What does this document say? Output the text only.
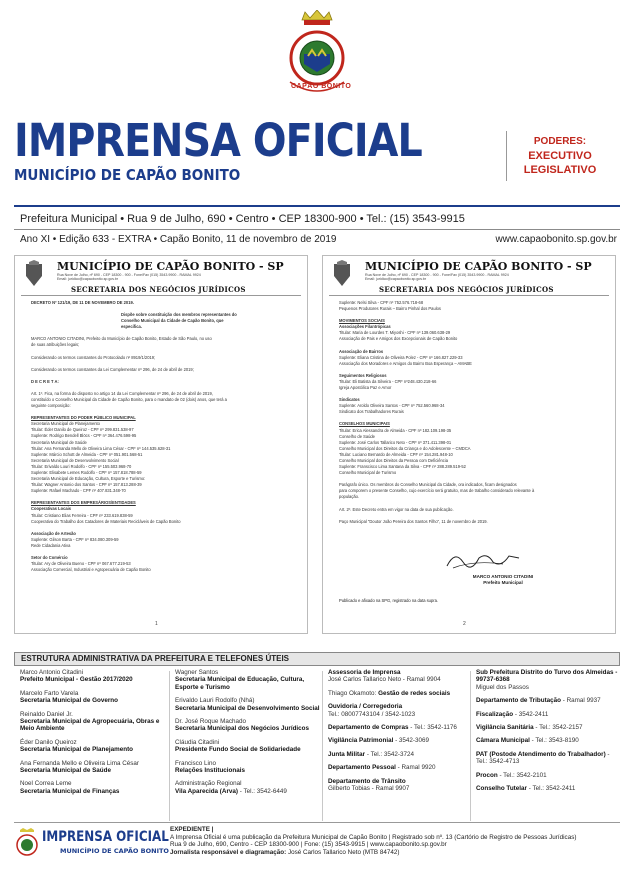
CAPÃO BONITO
IMPRENSA OFICIAL
MUNICÍPIO DE CAPÃO BONITO
PODERES:
EXECUTIVO
LEGISLATIVO
Prefeitura Municipal • Rua 9 de Julho, 690 • Centro • CEP 18300-900 • Tel.: (15) 3543-9915
Ano XI • Edição 633 - EXTRA • Capão Bonito, 11 de novembro de 2019	www.capaobonito.sp.gov.br
MUNICÍPIO DE CAPÃO BONITO - SP
Rua Nove de Julho, nº 690 - CEP 18300 - 900 - Fone/Fax (015) 3543.9900 - RAMAL 9924
Email: juridico@capaobonito.sp.gov.br
SECRETARIA DOS NEGÓCIOS JURÍDICOS
DECRETO Nº 121/19, DE 11 DE NOVEMBRO DE 2019.
Dispõe sobre constituição dos membros representantes do
Conselho Municipal da Cidade de Capão Bonito, que
especifica.
MARCO ANTONIO CITADINI, Prefeito do Município de Capão Bonito, Estado de São Paulo, no uso
de suas atribuições legais;
Considerando os termos constantes do Protocolado nº 8919/1/2019;
Considerando os termos constantes da Lei Complementar nº 296, de 24 de abril de 2019;
D E C R E T A:
Art. 1º. Fica, na forma do disposto no artigo 14 da Lei Complementar nº 296, de 24 de abril de 2019,
constituído o Conselho Municipal da Cidade de Capão Bonito, para o mandato de 02 (dois) anos, que terá a
seguinte composição:
REPRESENTANTES DO PODER PÚBLICO MUNICIPAL
Secretaria Municipal de Planejamento
Titular: Éder Danilo de Queiroz - CPF nº 299.831.538-97
Suplente: Rodrigo Bendell Blöcs - CPF nº 364.476.598-95
Secretaria Municipal de Saúde
Titular: Ana Fernanda Mello de Oliveira Lima César - CPF nº 144.535.628-31
Suplente: Márcio Schott de Almeida - CPF nº 051.901.568-51
Secretaria Municipal de Desenvolvimento Social
Titular: Erivaldo Louri Rodolfo - CPF nº 155.503.968-70
Suplente: Elisabete Lemes Rodolfo - CPF nº 157.818.788-59
Secretaria Municipal de Educação, Cultura, Esporte e Turismo:
Titular: Wagner Antonio dos Santos - CPF nº 157.813.288-39
Suplente: Rafael Machado - CPF nº 407.831.348-70
REPRESENTANTES DOS EMPRESÁRIOS/ENTIDADES
Cooperativas Locais
Titular: Cristiano Elias Ferreira - CPF nº 233.619.838-59
Cooperativa do Trabalho dos Catadores de Materiais Recicláveis de Capão Bonito
Associação de Artesão
Suplente: Gilson Barta - CPF nº 834.080.309-59
Rede Cidadania Ativa
Setor do Comércio
Titular: Ary de Oliveira Bueno - CPF nº 067.677.219-53
Associação Comercial, Industrial e Agropecuária de Capão Bonito
1
MUNICÍPIO DE CAPÃO BONITO - SP
Rua Nove de Julho, nº 690 - CEP 18300 - 900 - Fone/Fax (015) 3543.9900 - RAMAL 9924
Email: juridico@capaobonito.sp.gov.br
SECRETARIA DOS NEGÓCIOS JURÍDICOS
Suplente: Nelsi Silva - CPF nº 752.576.718-68
Pequenos Produtores Rurais – Bairro Pinhal dos Paulos
MOVIMENTOS SOCIAIS
Associações Filantrópicas
Titular: Maria de Lourdes T. Miyoshi - CPF nº 139.060.638-29
Associação de Pais e Amigos dos Excepcionais de Capão Bonito
Associação de Bairros
Suplente: Eliana Cristina de Oliveira Polez - CPF nº 166.827.229-33
Associação dos Moradores e Amigos do Bairro Boa Esperança – AMABE
Seguimentos Religiosos
Titular: Eli Batista da Silveira - CPF nº248.430.218-66
Igreja Apostólica Paz e Amor
Sindicatos
Suplente: Aroldo Oliveira Santos - CPF nº 752.560.968-34
Sindicato dos Trabalhadores Rurais
CONSELHOS MUNICIPAIS
Titular: Erica Alessandra de Almeida - CPF nº 182.109.198-35
Conselho de Saúde
Suplente: José Carlos Tallarico Neto - CPF nº 371.411.398-01
Conselho Municipal dos Direitos da Criança e do Adolescente – CMDCA
Titular: Luciano Bernardo de Almeida - CPF nº 154.281.948-10
Conselho Municipal dos Direitos da Pessoa com Deficiência
Suplente: Franscisco Lima Santana da Silva - CPF nº 288.289.519-52
Conselho Municipal de Turismo
Parágrafo único. Os membros do Conselho Municipal da Cidade, ora indicados, ficam designados
para comporem o presente Conselho, cujo exercício será gratuito, mas de trabalho considerado relevante à
população.
Art. 2º. Este Decreto entra em vigor na data de sua publicação.
Paço Municipal "Doutor João Pereira dos Santos Filho", 11 de novembro de 2019.
MARCO ANTONIO CITADINI
Prefeito Municipal
Publicado e afixado na SPG, registrado na data supra.
2
ESTRUTURA ADMINISTRATIVA DA PREFEITURA E TELEFONES ÚTEIS
Marco Antonio Citadini
Prefeito Municipal - Gestão 2017/2020
Marcelo Farto Varela
Secretaria Municipal de Governo
Reinaldo Daniel Jr.
Secretaria Municipal de Agropecuária, Obras e Meio Ambiente
Éder Danilo Queiroz
Secretaria Municipal de Planejamento
Ana Fernanda Mello e Oliveira Lima César
Secretaria Municipal de Saúde
Noel Correa Leme
Secretaria Municipal de Finanças
Wagner Santos
Secretaria Municipal de Educação, Cultura, Esporte e Turismo
Erivaldo Lauri Rodolfo (Nhá)
Secretaria Municipal de Desenvolvimento Social
Dr. José Roque Machado
Secretaria Municipal dos Negócios Jurídicos
Cláudia Citadini
Presidente Fundo Social de Solidariedade
Francisco Lino
Relações Institucionais
Administração Regional
Vila Aparecida (Arva) - Tel.: 3542-6449
Assessoria de Imprensa
José Carlos Tallarico Neto - Ramal 9904
Thiago Okamoto: Gestão de redes sociais
Ouvidoria / Corregedoria
Tel.: 08007743104 / 3542-1023
Departamento de Compras - Tel.: 3542-1176
Vigilância Patrimonial - 3542-3069
Junta Militar - Tel.: 3542-3724
Departamento Pessoal - Ramal 9920
Departamento de Trânsito
Gilberto Tobias - Ramal 9907
Sub Prefeitura Distrito do Turvo dos Almeidas - 99737-6368
Miguel dos Passos
Departamento de Tributação - Ramal 9937
Fiscalização - 3542-2411
Vigilância Sanitária - Tel.: 3542-2157
Câmara Municipal - Tel.: 3543-8190
PAT (Postode Atendimento do Trabalhador) - Tel.: 3542-4713
Procon - Tel.: 3542-2101
Conselho Tutelar - Tel.: 3542-2411
IMPRENSA OFICIAL
MUNICÍPIO DE CAPÃO BONITO
EXPEDIENTE |
A Imprensa Oficial é uma publicação da Prefeitura Municipal de Capão Bonito | Registrado sob nº. 13 (Cartório de Registro de Pessoas Jurídicas)
Rua 9 de Julho, 690, Centro - CEP 18300-900 | Fone: (15) 3543-9915 | www.capaobonito.sp.gov.br
Jornalista responsável e diagramação: José Carlos Tallarico Neto (MTB 84742)
